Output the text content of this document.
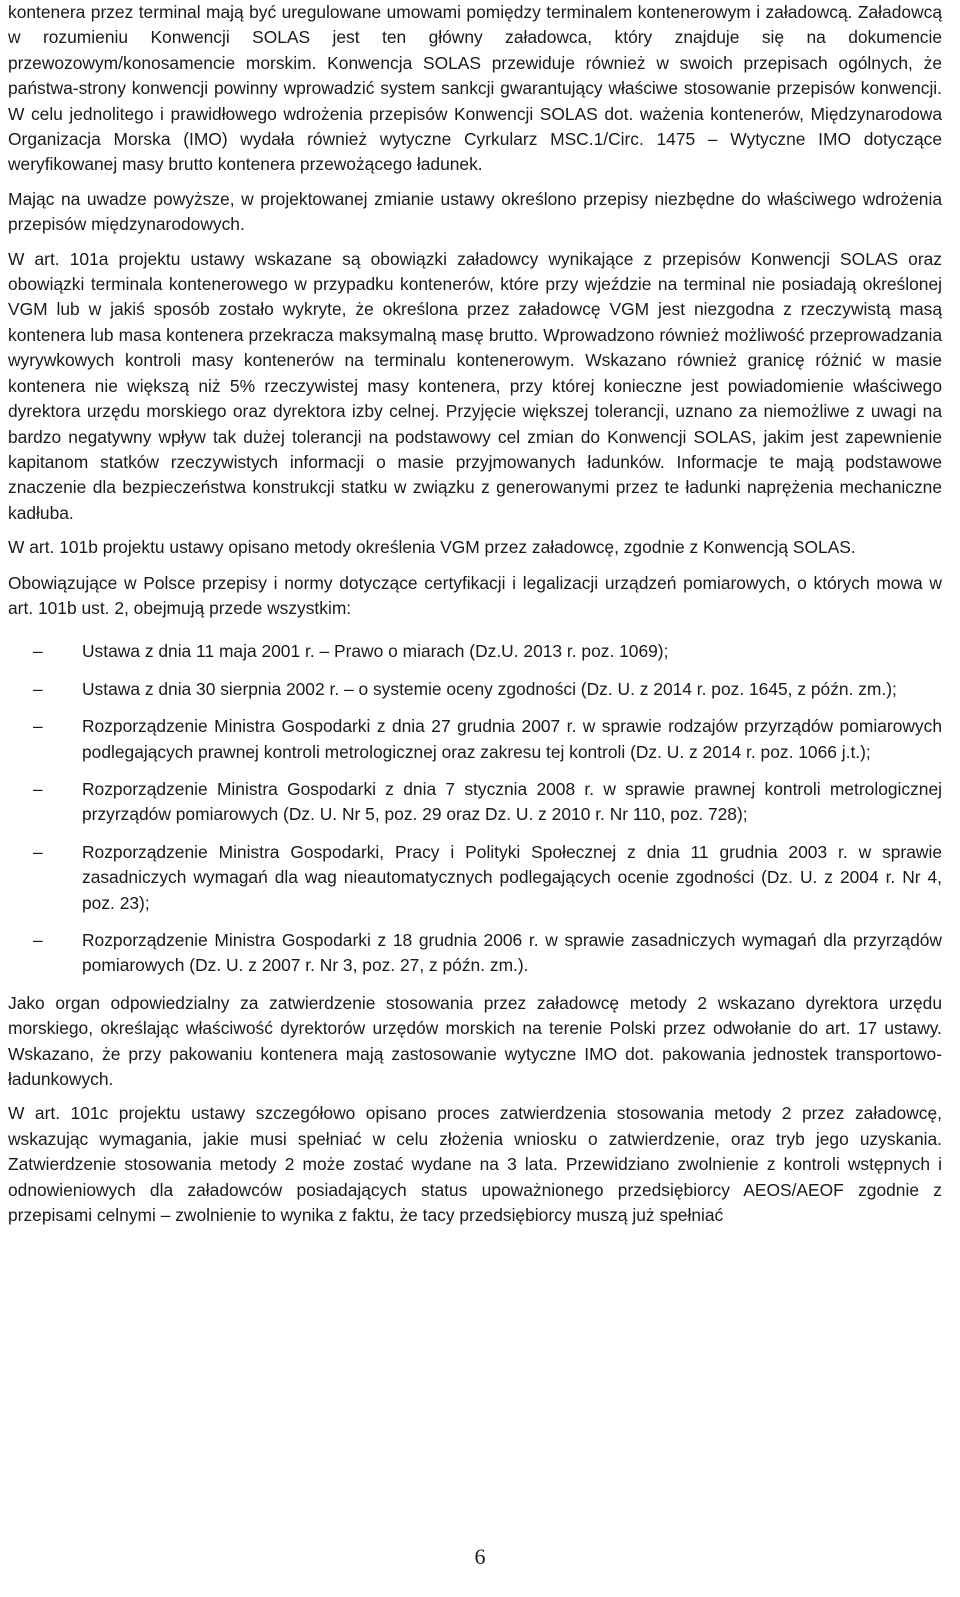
kontenera przez terminal mają być uregulowane umowami pomiędzy terminalem kontenerowym i załadowcą. Załadowcą w rozumieniu Konwencji SOLAS jest ten główny załadowca, który znajduje się na dokumencie przewozowym/konosamencie morskim. Konwencja SOLAS przewiduje również w swoich przepisach ogólnych, że państwa-strony konwencji powinny wprowadzić system sankcji gwarantujący właściwe stosowanie przepisów konwencji. W celu jednolitego i prawidłowego wdrożenia przepisów Konwencji SOLAS dot. ważenia kontenerów, Międzynarodowa Organizacja Morska (IMO) wydała również wytyczne Cyrkularz MSC.1/Circ. 1475 – Wytyczne IMO dotyczące weryfikowanej masy brutto kontenera przewożącego ładunek.

Mając na uwadze powyższe, w projektowanej zmianie ustawy określono przepisy niezbędne do właściwego wdrożenia przepisów międzynarodowych.

W art. 101a projektu ustawy wskazane są obowiązki załadowcy wynikające z przepisów Konwencji SOLAS oraz obowiązki terminala kontenerowego w przypadku kontenerów, które przy wjeździe na terminal nie posiadają określonej VGM lub w jakiś sposób zostało wykryte, że określona przez załadowcę VGM jest niezgodna z rzeczywistą masą kontenera lub masa kontenera przekracza maksymalną masę brutto. Wprowadzono również możliwość przeprowadzania wyrywkowych kontroli masy kontenerów na terminalu kontenerowym. Wskazano również granicę różnić w masie kontenera nie większą niż 5% rzeczywistej masy kontenera, przy której konieczne jest powiadomienie właściwego dyrektora urzędu morskiego oraz dyrektora izby celnej. Przyjęcie większej tolerancji, uznano za niemożliwe z uwagi na bardzo negatywny wpływ tak dużej tolerancji na podstawowy cel zmian do Konwencji SOLAS, jakim jest zapewnienie kapitanom statków rzeczywistych informacji o masie przyjmowanych ładunków. Informacje te mają podstawowe znaczenie dla bezpieczeństwa konstrukcji statku w związku z generowanymi przez te ładunki naprężenia mechaniczne kadłuba.

W art. 101b projektu ustawy opisano metody określenia VGM przez załadowcę, zgodnie z Konwencją SOLAS.

Obowiązujące w Polsce przepisy i normy dotyczące certyfikacji i legalizacji urządzeń pomiarowych, o których mowa w art. 101b ust. 2, obejmują przede wszystkim:

– Ustawa z dnia 11 maja 2001 r. – Prawo o miarach (Dz.U. 2013 r. poz. 1069);
– Ustawa z dnia 30 sierpnia 2002 r. – o systemie oceny zgodności (Dz. U. z 2014 r. poz. 1645, z późn. zm.);
– Rozporządzenie Ministra Gospodarki z dnia 27 grudnia 2007 r. w sprawie rodzajów przyrządów pomiarowych podlegających prawnej kontroli metrologicznej oraz zakresu tej kontroli (Dz. U. z 2014 r. poz. 1066 j.t.);
– Rozporządzenie Ministra Gospodarki z dnia 7 stycznia 2008 r. w sprawie prawnej kontroli metrologicznej przyrządów pomiarowych (Dz. U. Nr 5, poz. 29 oraz Dz. U. z 2010 r. Nr 110, poz. 728);
– Rozporządzenie Ministra Gospodarki, Pracy i Polityki Społecznej z dnia 11 grudnia 2003 r. w sprawie zasadniczych wymagań dla wag nieautomatycznych podlegających ocenie zgodności (Dz. U. z 2004 r. Nr 4, poz. 23);
– Rozporządzenie Ministra Gospodarki z 18 grudnia 2006 r. w sprawie zasadniczych wymagań dla przyrządów pomiarowych (Dz. U. z 2007 r. Nr 3, poz. 27, z późn. zm.).

Jako organ odpowiedzialny za zatwierdzenie stosowania przez załadowcę metody 2 wskazano dyrektora urzędu morskiego, określając właściwość dyrektorów urzędów morskich na terenie Polski przez odwołanie do art. 17 ustawy. Wskazano, że przy pakowaniu kontenera mają zastosowanie wytyczne IMO dot. pakowania jednostek transportowo-ładunkowych.

W art. 101c projektu ustawy szczegółowo opisano proces zatwierdzenia stosowania metody 2 przez załadowcę, wskazując wymagania, jakie musi spełniać w celu złożenia wniosku o zatwierdzenie, oraz tryb jego uzyskania. Zatwierdzenie stosowania metody 2 może zostać wydane na 3 lata. Przewidziano zwolnienie z kontroli wstępnych i odnowieniowych dla załadowców posiadających status upoważnionego przedsiębiorcy AEOS/AEOF zgodnie z przepisami celnymi – zwolnienie to wynika z faktu, że tacy przedsiębiorcy muszą już spełniać

6
